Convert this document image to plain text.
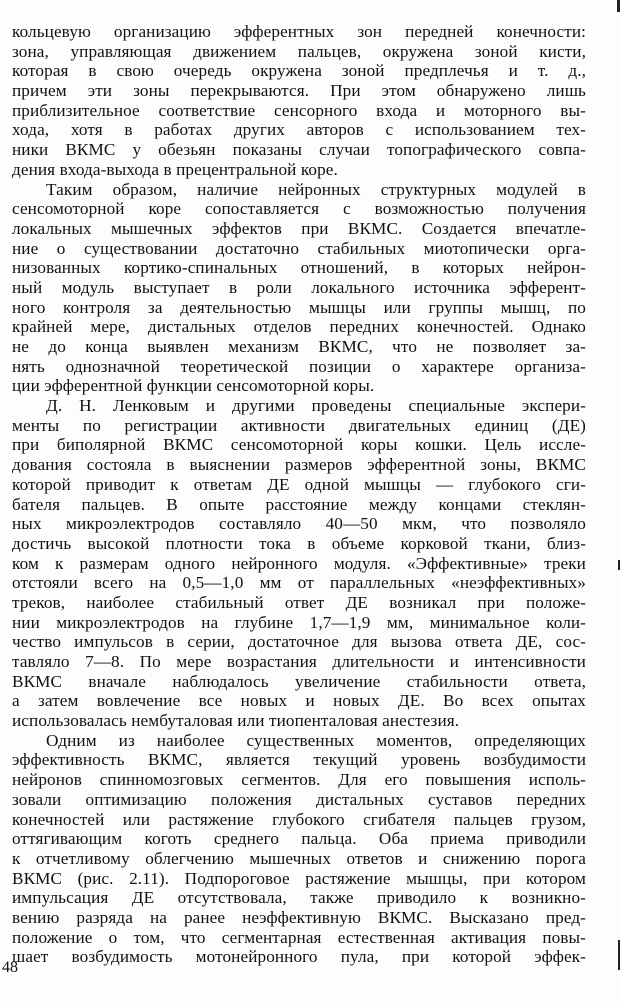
кольцевую организацию эфферентных зон передней конечности:
зона, управляющая движением пальцев, окружена зоной кисти,
которая в свою очередь окружена зоной предплечья и т. д.,
причем эти зоны перекрываются. При этом обнаружено лишь
приблизительное соответствие сенсорного входа и моторного вы-
хода, хотя в работах других авторов с использованием тех-
ники ВКМС у обезьян показаны случаи топографического совпа-
дения входа-выхода в прецентральной коре.
Таким образом, наличие нейронных структурных модулей в
сенсомоторной коре сопоставляется с возможностью получения
локальных мышечных эффектов при ВКМС. Создается впечатле-
ние о существовании достаточно стабильных миотопически орга-
низованных кортико-спинальных отношений, в которых нейрон-
ный модуль выступает в роли локального источника эфферент-
ного контроля за деятельностью мышцы или группы мышц, по
крайней мере, дистальных отделов передних конечностей. Однако
не до конца выявлен механизм ВКМС, что не позволяет за-
нять однозначной теоретической позиции о характере организа-
ции эфферентной функции сенсомоторной коры.
Д. Н. Ленковым и другими проведены специальные экспери-
менты по регистрации активности двигательных единиц (ДЕ)
при биполярной ВКМС сенсомоторной коры кошки. Цель иссле-
дования состояла в выяснении размеров эфферентной зоны, ВКМС
которой приводит к ответам ДЕ одной мышцы — глубокого сги-
бателя пальцев. В опыте расстояние между концами стеклян-
ных микроэлектродов составляло 40—50 мкм, что позволяло
достичь высокой плотности тока в объеме корковой ткани, близ-
ком к размерам одного нейронного модуля. «Эффективные» треки
отстояли всего на 0,5—1,0 мм от параллельных «неэффективных»
треков, наиболее стабильный ответ ДЕ возникал при положе-
нии микроэлектродов на глубине 1,7—1,9 мм, минимальное коли-
чество импульсов в серии, достаточное для вызова ответа ДЕ, сос-
тавляло 7—8. По мере возрастания длительности и интенсивности
ВКМС вначале наблюдалось увеличение стабильности ответа,
а затем вовлечение все новых и новых ДЕ. Во всех опытах
использовалась нембуталовая или тиопенталовая анестезия.
Одним из наиболее существенных моментов, определяющих
эффективность ВКМС, является текущий уровень возбудимости
нейронов спинномозговых сегментов. Для его повышения исполь-
зовали оптимизацию положения дистальных суставов передних
конечностей или растяжение глубокого сгибателя пальцев грузом,
оттягивающим коготь среднего пальца. Оба приема приводили
к отчетливому облегчению мышечных ответов и снижению порога
ВКМС (рис. 2.11). Подпороговое растяжение мышцы, при котором
импульсация ДЕ отсутствовала, также приводило к возникно-
вению разряда на ранее неэффективную ВКМС. Высказано пред-
положение о том, что сегментарная естественная активация повы-
шает возбудимость мотонейронного пула, при которой эффек-
48
